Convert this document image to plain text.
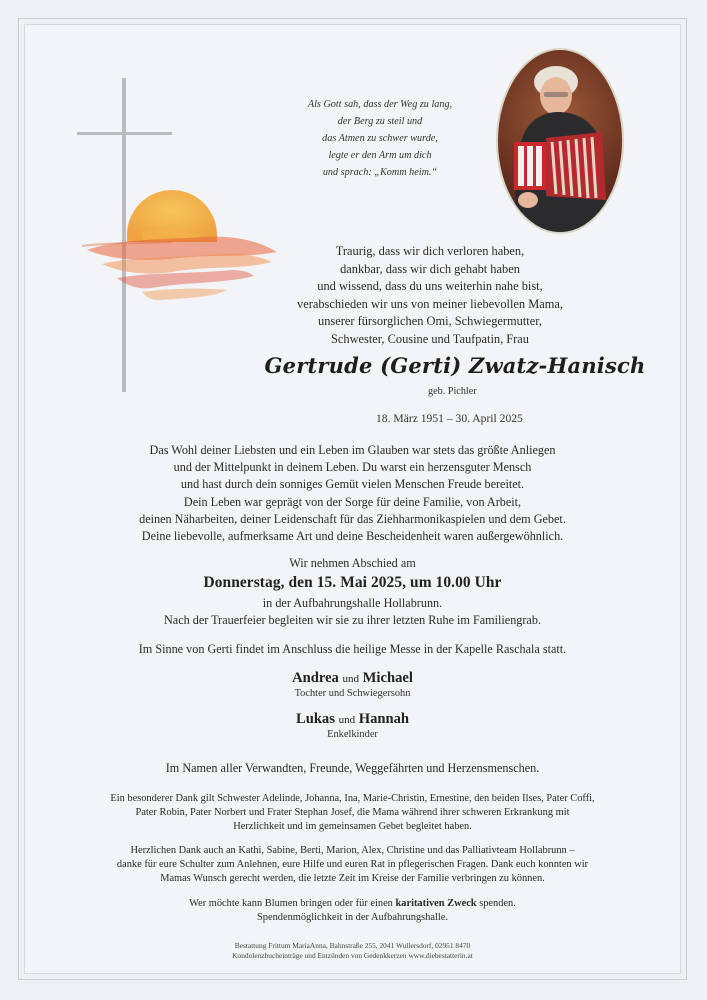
Als Gott sah, dass der Weg zu lang,
der Berg zu steil und
das Atmen zu schwer wurde,
legte er den Arm um dich
und sprach: „Komm heim.“
Traurig, dass wir dich verloren haben,
dankbar, dass wir dich gehabt haben
und wissend, dass du uns weiterhin nahe bist,
verabschieden wir uns von meiner liebevollen Mama,
unserer fürsorglichen Omi, Schwiegermutter,
Schwester, Cousine und Taufpatin, Frau
Gertrude (Gerti) Zwatz-Hanisch
geb. Pichler
18. März 1951 – 30. April 2025
Das Wohl deiner Liebsten und ein Leben im Glauben war stets das größte Anliegen
und der Mittelpunkt in deinem Leben. Du warst ein herzensguter Mensch
und hast durch dein sonniges Gemüt vielen Menschen Freude bereitet.
Dein Leben war geprägt von der Sorge für deine Familie, von Arbeit,
deinen Näharbeiten, deiner Leidenschaft für das Ziehharmonikaspielen und dem Gebet.
Deine liebevolle, aufmerksame Art und deine Bescheidenheit waren außergewöhnlich.
Wir nehmen Abschied am
Donnerstag, den 15. Mai 2025, um 10.00 Uhr
in der Aufbahrungshalle Hollabrunn.
Nach der Trauerfeier begleiten wir sie zu ihrer letzten Ruhe im Familiengrab.
Im Sinne von Gerti findet im Anschluss die heilige Messe in der Kapelle Raschala statt.
Andrea und Michael
Tochter und Schwiegersohn
Lukas und Hannah
Enkelkinder
Im Namen aller Verwandten, Freunde, Weggefährten und Herzensmenschen.
Ein besonderer Dank gilt Schwester Adelinde, Johanna, Ina, Marie-Christin, Ernestine, den beiden Ilses, Pater Coffi,
Pater Robin, Pater Norbert und Frater Stephan Josef, die Mama während ihrer schweren Erkrankung mit
Herzlichkeit und im gemeinsamen Gebet begleitet haben.
Herzlichen Dank auch an Kathi, Sabine, Berti, Marion, Alex, Christine und das Palliativteam Hollabrunn –
danke für eure Schulter zum Anlehnen, eure Hilfe und euren Rat in pflegerischen Fragen. Dank euch konnten wir
Mamas Wunsch gerecht werden, die letzte Zeit im Kreise der Familie verbringen zu können.
Wer möchte kann Blumen bringen oder für einen karitativen Zweck spenden.
Spendenmöglichkeit in der Aufbahrungshalle.
Bestattung Frittum MariaAnna, Bahnstraße 255, 2041 Wullersdorf, 02951 8470
Kondolenzbucheinträge und Entzünden von Gedenkkerzen www.diebestatterin.at
